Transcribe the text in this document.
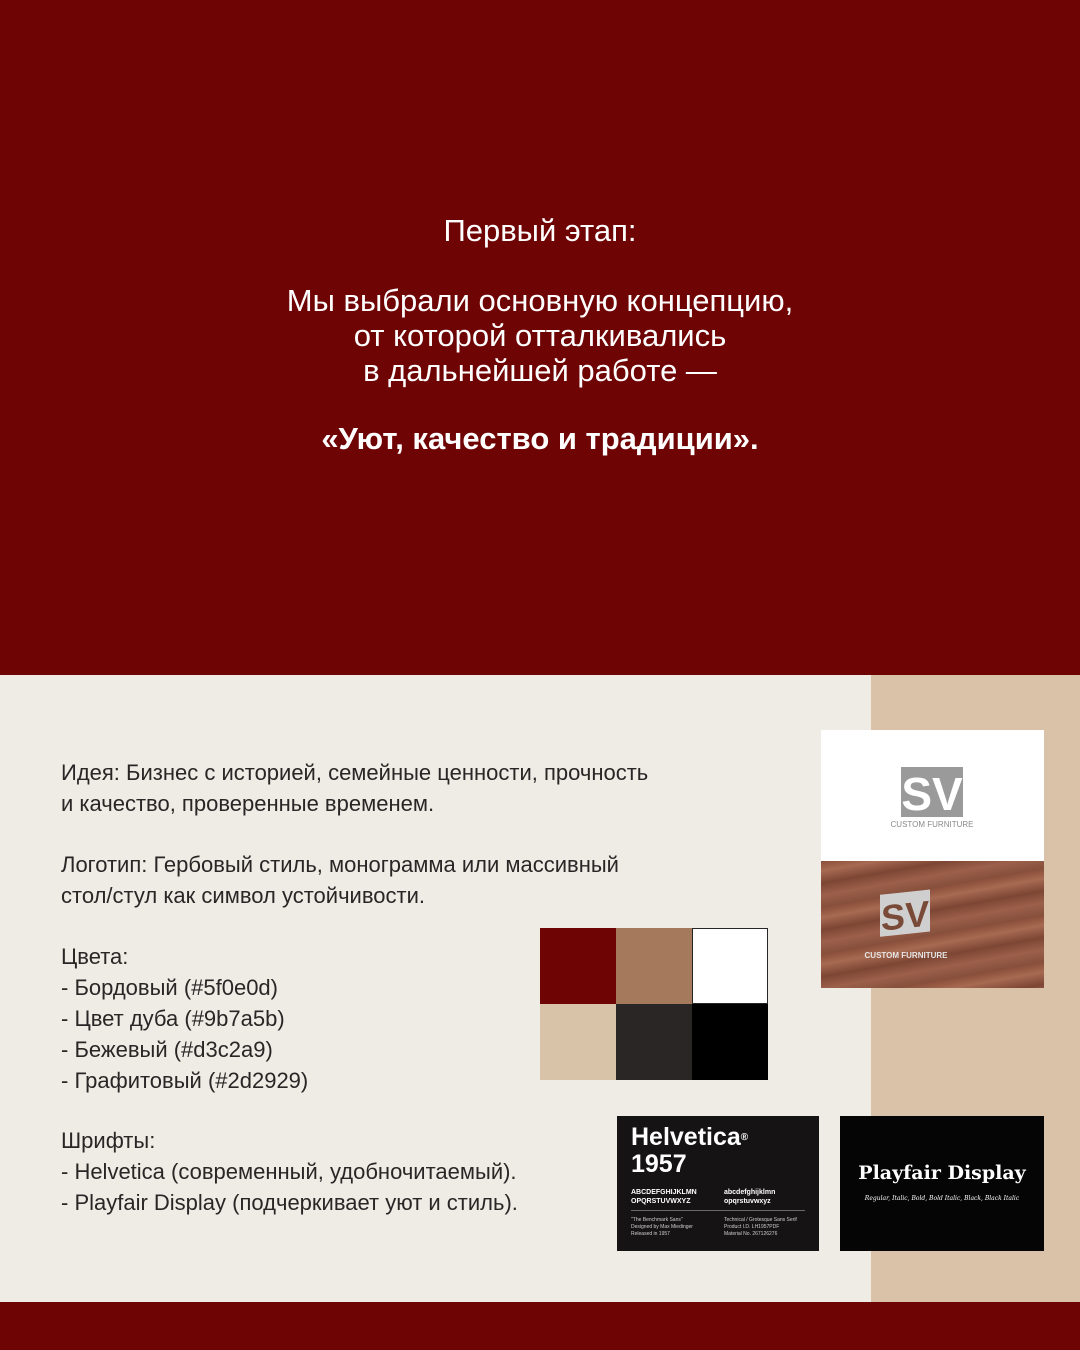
Первый этап:

Мы выбрали основную концепцию,
от которой отталкивались
в дальнейшей работе —

«Уют, качество и традиции».

Идея: Бизнес с историей, семейные ценности, прочность
и качество, проверенные временем.

Логотип: Гербовый стиль, монограмма или массивный
стол/стул как символ устойчивости.

Цвета:
- Бордовый (#5f0e0d)
- Цвет дуба (#9b7a5b)
- Бежевый (#d3c2a9)
- Графитовый (#2d2929)

Шрифты:
- Helvetica (современный, удобночитаемый).
- Playfair Display (подчеркивает уют и стиль).

SV
CUSTOM FURNITURE
SV
CUSTOM FURNITURE
Helvetica®
1957
ABCDEFGHIJKLMN
OPQRSTUVWXYZ
abcdefghijklmn
opqrstuvwxyz
"The Benchmark Sans"
Designed by Max Miedinger
Released in 1957
Technical / Grotesque Sans Serif
Product I.D. LH1957PDF
Material No. 267126276
Playfair Display
Regular, Italic, Bold, Bold Italic, Black, Black Italic
